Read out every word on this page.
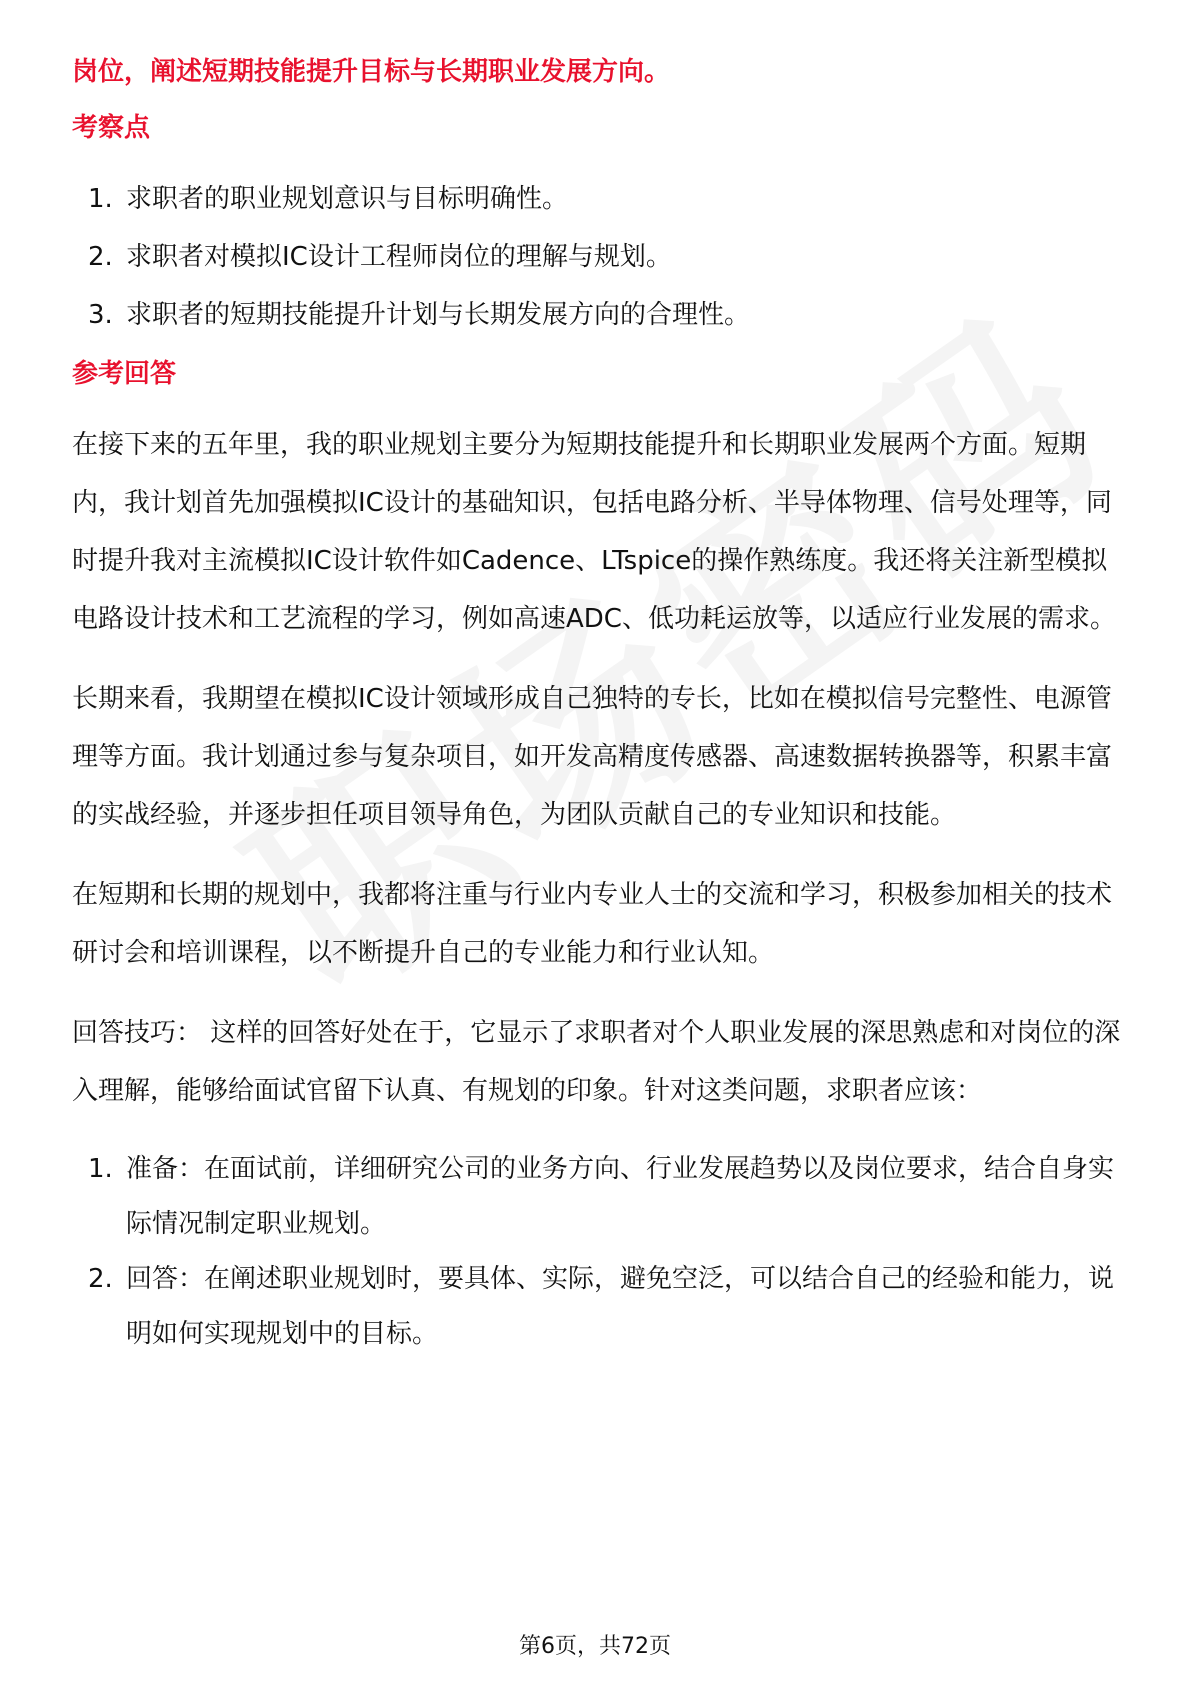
岗位，阐述短期技能提升目标与长期职业发展方向。

考察点

1. 求职者的职业规划意识与目标明确性。
2. 求职者对模拟IC设计工程师岗位的理解与规划。
3. 求职者的短期技能提升计划与长期发展方向的合理性。

参考回答

在接下来的五年里，我的职业规划主要分为短期技能提升和长期职业发展两个方面。短期内，我计划首先加强模拟IC设计的基础知识，包括电路分析、半导体物理、信号处理等，同时提升我对主流模拟IC设计软件如Cadence、LTspice的操作熟练度。我还将关注新型模拟电路设计技术和工艺流程的学习，例如高速ADC、低功耗运放等，以适应行业发展的需求。

长期来看，我期望在模拟IC设计领域形成自己独特的专长，比如在模拟信号完整性、电源管理等方面。我计划通过参与复杂项目，如开发高精度传感器、高速数据转换器等，积累丰富的实战经验，并逐步担任项目领导角色，为团队贡献自己的专业知识和技能。

在短期和长期的规划中，我都将注重与行业内专业人士的交流和学习，积极参加相关的技术研讨会和培训课程，以不断提升自己的专业能力和行业认知。

回答技巧： 这样的回答好处在于，它显示了求职者对个人职业发展的深思熟虑和对岗位的深入理解，能够给面试官留下认真、有规划的印象。针对这类问题，求职者应该：

1. 准备：在面试前，详细研究公司的业务方向、行业发展趋势以及岗位要求，结合自身实际情况制定职业规划。
2. 回答：在阐述职业规划时，要具体、实际，避免空泛，可以结合自己的经验和能力，说明如何实现规划中的目标。
第6页，共72页
